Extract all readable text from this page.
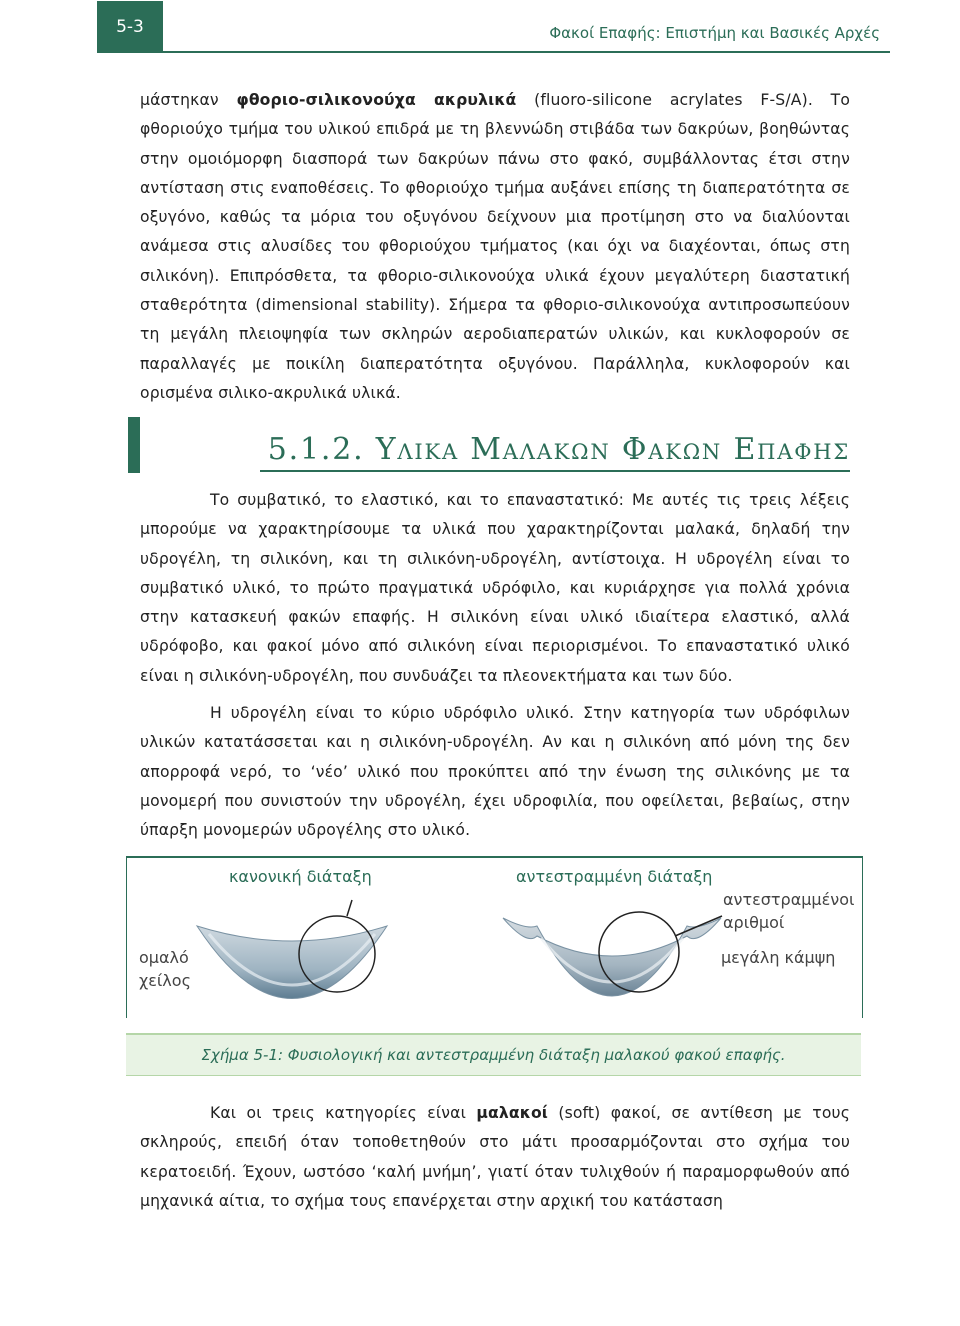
5-3	Φακοί Επαφής: Επιστήμη και Βασικές Αρχές
μάστηκαν φθοριο-σιλικονούχα ακρυλικά (fluoro-silicone acrylates F-S/A). Το φθοριούχο τμήμα του υλικού επιδρά με τη βλεννώδη στιβάδα των δακρύων, βοηθώντας στην ομοιόμορφη διασπορά των δακρύων πάνω στο φακό, συμβάλλοντας έτσι στην αντίσταση στις εναποθέσεις. Το φθοριούχο τμήμα αυξάνει επίσης τη διαπερατότητα σε οξυγόνο, καθώς τα μόρια του οξυγόνου δείχνουν μια προτίμηση στο να διαλύονται ανάμεσα στις αλυσίδες του φθοριούχου τμήματος (και όχι να διαχέονται, όπως στη σιλικόνη). Επιπρόσθετα, τα φθοριο-σιλικονούχα υλικά έχουν μεγαλύτερη διαστατική σταθερότητα (dimensional stability). Σήμερα τα φθοριο-σιλικονούχα αντιπροσωπεύουν τη μεγάλη πλειοψηφία των σκληρών αεροδιαπερατών υλικών, και κυκλοφορούν σε παραλλαγές με ποικίλη διαπερατότητα οξυγόνου. Παράλληλα, κυκλοφορούν και ορισμένα σιλικο-ακρυλικά υλικά.
5.1.2. Υλικα Μαλακων Φακων Επαφης
Το συμβατικό, το ελαστικό, και το επαναστατικό: Με αυτές τις τρεις λέξεις μπορούμε να χαρακτηρίσουμε τα υλικά που χαρακτηρίζονται μαλακά, δηλαδή την υδρογέλη, τη σιλικόνη, και τη σιλικόνη-υδρογέλη, αντίστοιχα. Η υδρογέλη είναι το συμβατικό υλικό, το πρώτο πραγματικά υδρόφιλο, και κυριάρχησε για πολλά χρόνια στην κατασκευή φακών επαφής. Η σιλικόνη είναι υλικό ιδιαίτερα ελαστικό, αλλά υδρόφοβο, και φακοί μόνο από σιλικόνη είναι περιορισμένοι. Το επαναστατικό υλικό είναι η σιλικόνη-υδρογέλη, που συνδυάζει τα πλεονεκτήματα και των δύο.
Η υδρογέλη είναι το κύριο υδρόφιλο υλικό. Στην κατηγορία των υδρόφιλων υλικών κατατάσσεται και η σιλικόνη-υδρογέλη. Αν και η σιλικόνη από μόνη της δεν απορροφά νερό, το ‘νέο’ υλικό που προκύπτει από την ένωση της σιλικόνης με τα μονομερή που συνιστούν την υδρογέλη, έχει υδροφιλία, που οφείλεται, βεβαίως, στην ύπαρξη μονομερών υδρογέλης στο υλικό.
κανονική διάταξη	αντεστραμμένη διάταξη
ομαλό
χείλος
αντεστραμμένοι
αριθμοί
μεγάλη κάμψη
Σχήμα 5-1: Φυσιολογική και αντεστραμμένη διάταξη μαλακού φακού επαφής.
Και οι τρεις κατηγορίες είναι μαλακοί (soft) φακοί, σε αντίθεση με τους σκληρούς, επειδή όταν τοποθετηθούν στο μάτι προσαρμόζονται στο σχήμα του κερατοειδή. Έχουν, ωστόσο ‘καλή μνήμη’, γιατί όταν τυλιχθούν ή παραμορφωθούν από μηχανικά αίτια, το σχήμα τους επανέρχεται στην αρχική του κατάσταση
